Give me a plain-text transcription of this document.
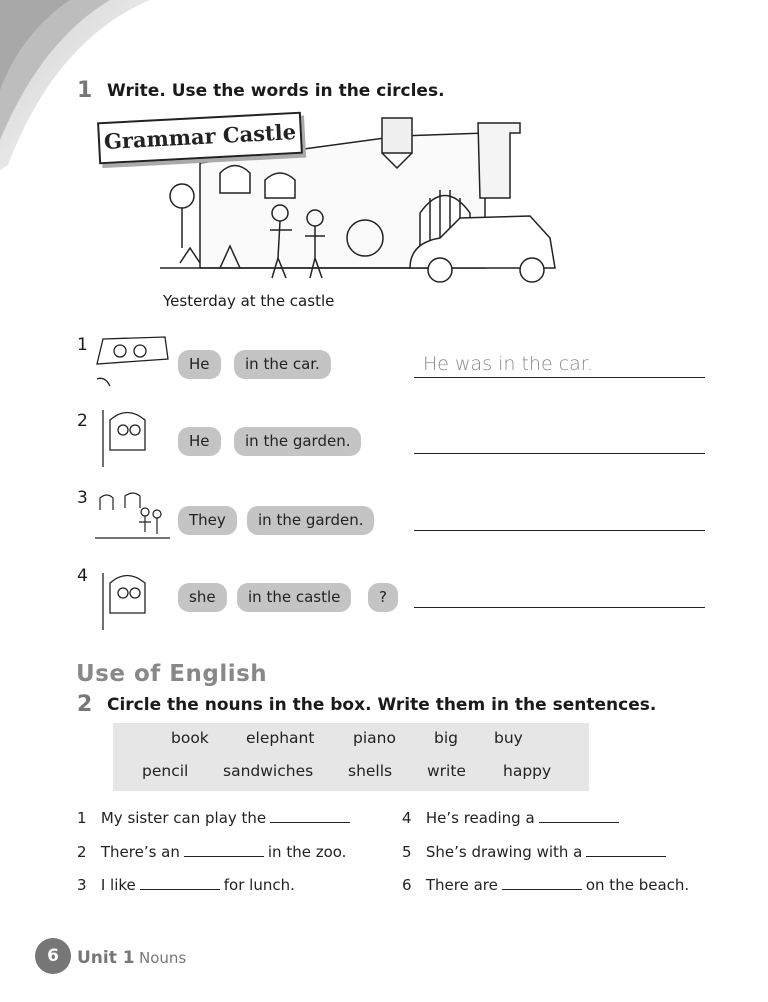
1 Write. Use the words in the circles.
Grammar Castle
Yesterday at the castle
1
He	in the car.	He was in the car.
2
He	in the garden.
3
They	in the garden.
4
she	in the castle	?
Use of English
2 Circle the nouns in the box. Write them in the sentences.
book elephant piano big buy
pencil sandwiches shells write happy
1 My sister can play the
2 There’s an	in the zoo.
3 I like	for lunch.
4 He’s reading a
5 She’s drawing with a
6 There are	on the beach.
6	Unit 1 Nouns
